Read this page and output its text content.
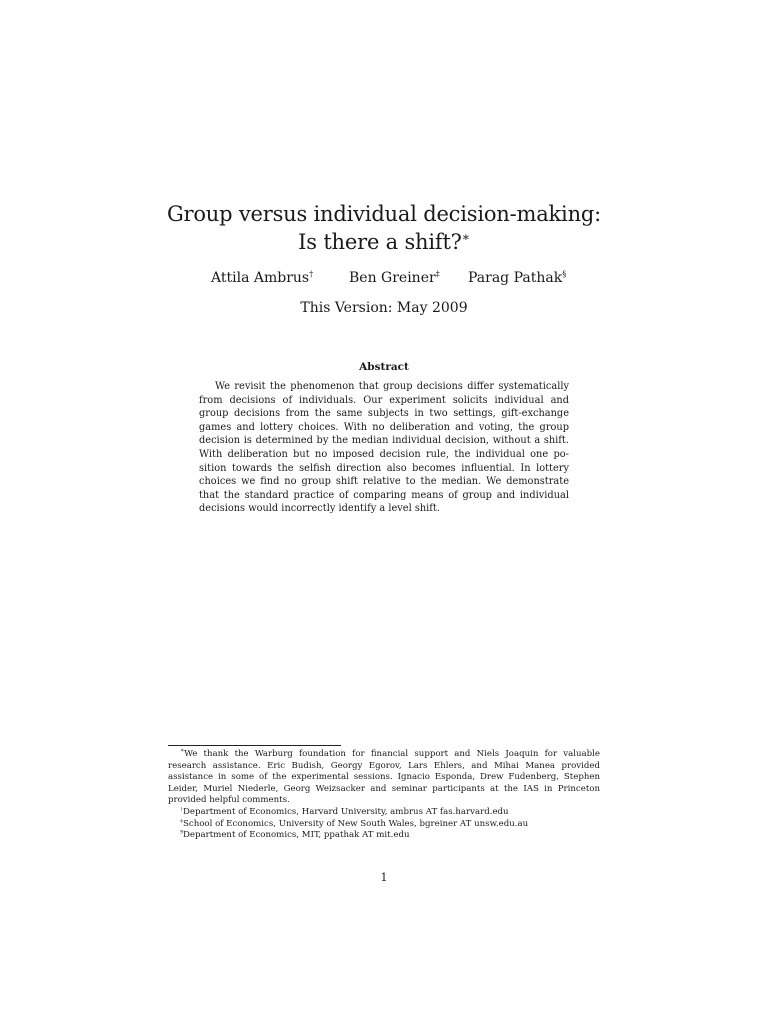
Group versus individual decision-making:
Is there a shift?∗
Attila Ambrus†	Ben Greiner‡ Parag Pathak§
This Version: May 2009
Abstract
We revisit the phenomenon that group decisions differ systematically
from decisions of individuals. Our experiment solicits individual and
group decisions from the same subjects in two settings, gift-exchange
games and lottery choices. With no deliberation and voting, the group
decision is determined by the median individual decision, without a shift.
With deliberation but no imposed decision rule, the individual one po-
sition towards the selfish direction also becomes influential. In lottery
choices we find no group shift relative to the median. We demonstrate
that the standard practice of comparing means of group and individual
decisions would incorrectly identify a level shift.
∗We thank the Warburg foundation for financial support and Niels Joaquin for valuable
research assistance. Eric Budish, Georgy Egorov, Lars Ehlers, and Mihai Manea provided
assistance in some of the experimental sessions. Ignacio Esponda, Drew Fudenberg, Stephen
Leider, Muriel Niederle, Georg Weizsacker and seminar participants at the IAS in Princeton
provided helpful comments.
†Department of Economics, Harvard University, ambrus AT fas.harvard.edu
‡School of Economics, University of New South Wales, bgreiner AT unsw.edu.au
§Department of Economics, MIT, ppathak AT mit.edu
1
